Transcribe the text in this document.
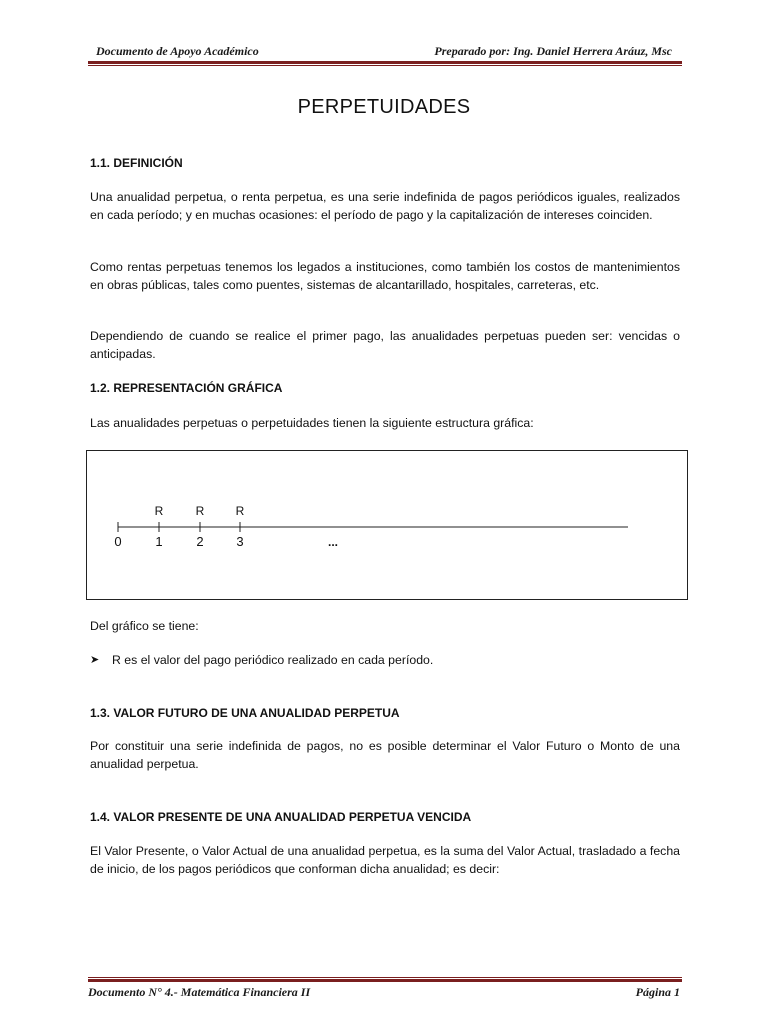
Documento de Apoyo Académico	Preparado por: Ing. Daniel Herrera Aráuz, Msc
PERPETUIDADES
1.1. DEFINICIÓN
Una anualidad perpetua, o renta perpetua, es una serie indefinida de pagos periódicos iguales, realizados en cada período; y en muchas ocasiones: el período de pago y la capitalización de intereses coinciden.
Como rentas perpetuas tenemos los legados a instituciones, como también los costos de mantenimientos en obras públicas, tales como puentes, sistemas de alcantarillado, hospitales, carreteras, etc.
Dependiendo de cuando se realice el primer pago, las anualidades perpetuas pueden ser: vencidas o anticipadas.
1.2. REPRESENTACIÓN GRÁFICA
Las anualidades perpetuas o perpetuidades tienen la siguiente estructura gráfica:
R	R	R
0	1	2	3	...
Del gráfico se tiene:
➤ R es el valor del pago periódico realizado en cada período.
1.3. VALOR FUTURO DE UNA ANUALIDAD PERPETUA
Por constituir una serie indefinida de pagos, no es posible determinar el Valor Futuro o Monto de una anualidad perpetua.
1.4. VALOR PRESENTE DE UNA ANUALIDAD PERPETUA VENCIDA
El Valor Presente, o Valor Actual de una anualidad perpetua, es la suma del Valor Actual, trasladado a fecha de inicio, de los pagos periódicos que conforman dicha anualidad; es decir:
Documento N° 4.- Matemática Financiera II	Página 1
